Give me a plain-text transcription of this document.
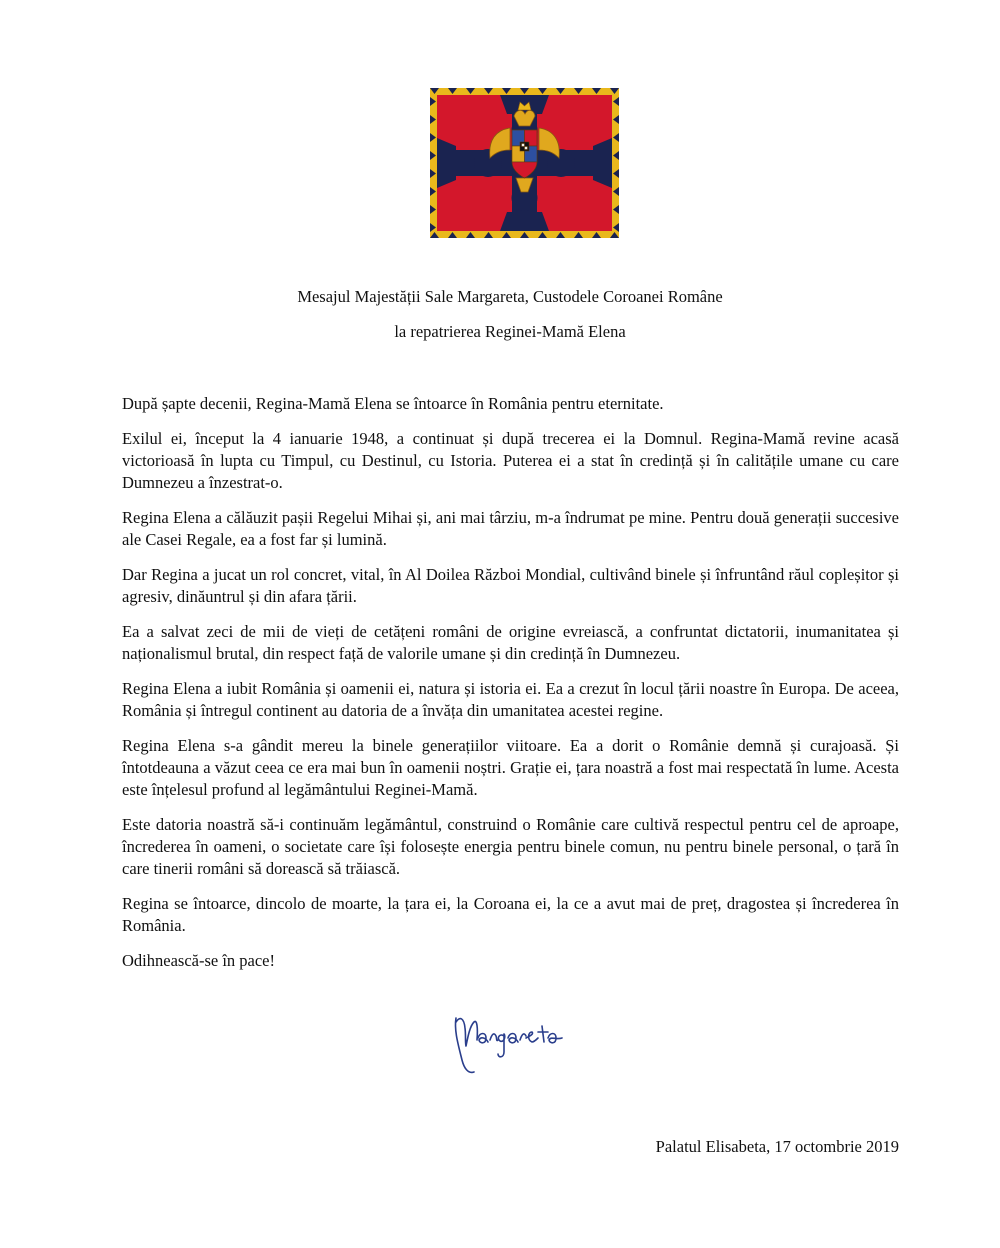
Mesajul Majestății Sale Margareta, Custodele Coroanei Române
la repatrierea Reginei-Mamă Elena

După șapte decenii, Regina-Mamă Elena se întoarce în România pentru eternitate.

Exilul ei, început la 4 ianuarie 1948, a continuat și după trecerea ei la Domnul. Regina-Mamă revine acasă victorioasă în lupta cu Timpul, cu Destinul, cu Istoria. Puterea ei a stat în credință și în calitățile umane cu care Dumnezeu a înzestrat-o.

Regina Elena a călăuzit pașii Regelui Mihai și, ani mai târziu, m-a îndrumat pe mine. Pentru două generații succesive ale Casei Regale, ea a fost far și lumină.

Dar Regina a jucat un rol concret, vital, în Al Doilea Război Mondial, cultivând binele și înfruntând răul copleșitor și agresiv, dinăuntrul și din afara țării.

Ea a salvat zeci de mii de vieți de cetățeni români de origine evreiască, a confruntat dictatorii, inumanitatea și naționalismul brutal, din respect față de valorile umane și din credință în Dumnezeu.

Regina Elena a iubit România și oamenii ei, natura și istoria ei. Ea a crezut în locul țării noastre în Europa. De aceea, România și întregul continent au datoria de a învăța din umanitatea acestei regine.

Regina Elena s-a gândit mereu la binele generațiilor viitoare. Ea a dorit o Românie demnă și curajoasă. Și întotdeauna a văzut ceea ce era mai bun în oamenii noștri. Grație ei, țara noastră a fost mai respectată în lume. Acesta este înțelesul profund al legământului Reginei-Mamă.

Este datoria noastră să-i continuăm legământul, construind o Românie care cultivă respectul pentru cel de aproape, încrederea în oameni, o societate care își folosește energia pentru binele comun, nu pentru binele personal, o țară în care tinerii români să dorească să trăiască.

Regina se întoarce, dincolo de moarte, la țara ei, la Coroana ei, la ce a avut mai de preț, dragostea și încrederea în România.

Odihnească-se în pace!

Palatul Elisabeta, 17 octombrie 2019
